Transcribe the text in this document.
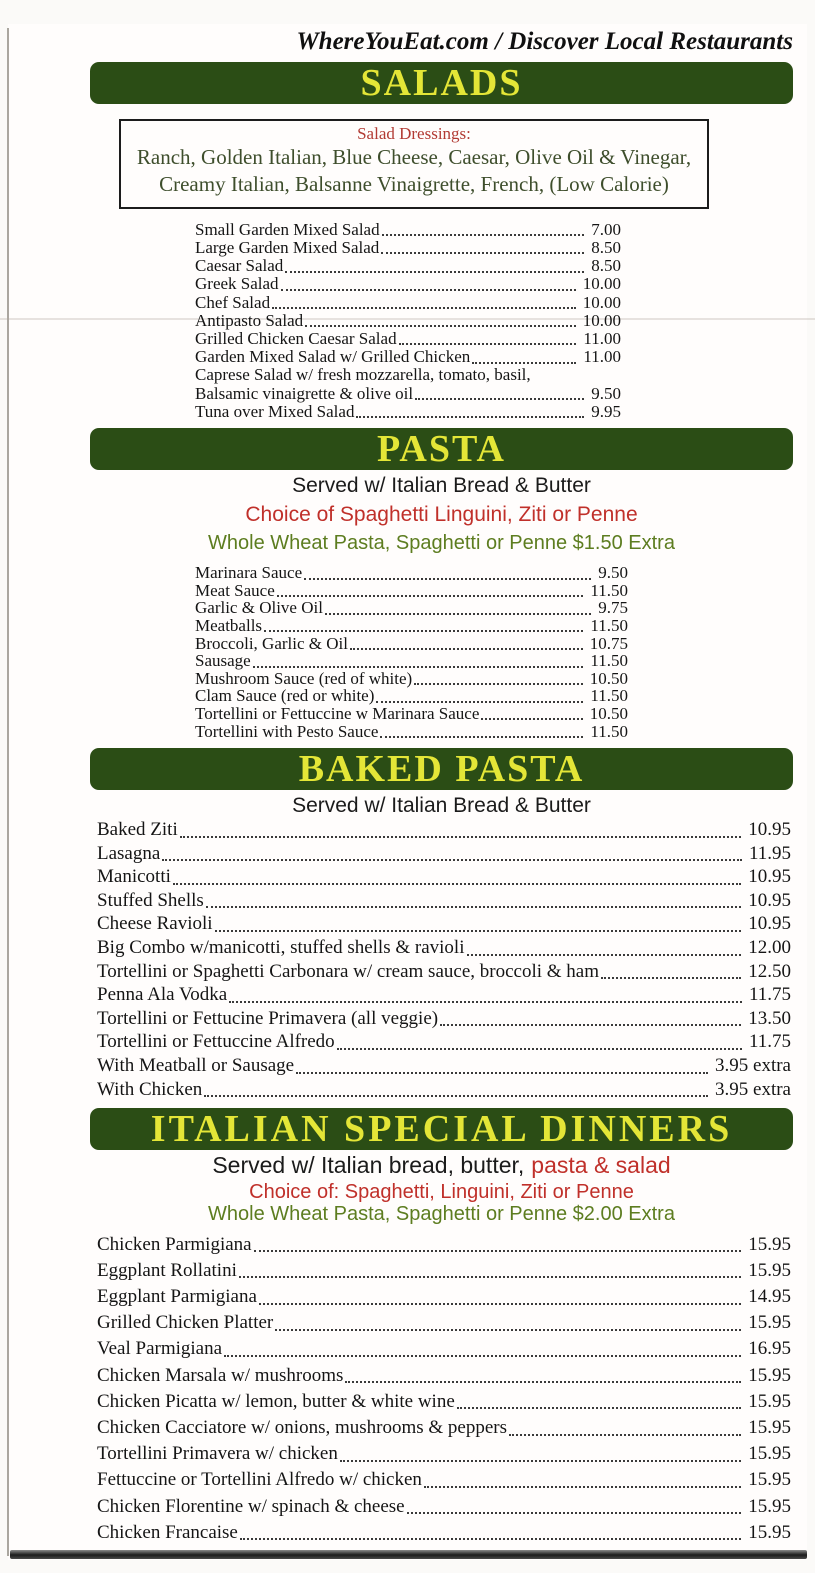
WhereYouEat.com / Discover Local Restaurants
SALADS
Salad Dressings:
Ranch, Golden Italian, Blue Cheese, Caesar, Olive Oil & Vinegar,
Creamy Italian, Balsanne Vinaigrette, French, (Low Calorie)
Small Garden Mixed Salad	7.00
Large Garden Mixed Salad	8.50
Caesar Salad	8.50
Greek Salad	10.00
Chef Salad	10.00
Antipasto Salad	10.00
Grilled Chicken Caesar Salad	11.00
Garden Mixed Salad w/ Grilled Chicken	11.00
Caprese Salad w/ fresh mozzarella, tomato, basil,
Balsamic vinaigrette & olive oil	9.50
Tuna over Mixed Salad	9.95
PASTA
Served w/ Italian Bread & Butter
Choice of Spaghetti Linguini, Ziti or Penne
Whole Wheat Pasta, Spaghetti or Penne $1.50 Extra
Marinara Sauce	9.50
Meat Sauce	11.50
Garlic & Olive Oil	9.75
Meatballs	11.50
Broccoli, Garlic & Oil	10.75
Sausage	11.50
Mushroom Sauce (red of white)	10.50
Clam Sauce (red or white)	11.50
Tortellini or Fettuccine w Marinara Sauce	10.50
Tortellini with Pesto Sauce	11.50
BAKED PASTA
Served w/ Italian Bread & Butter
Baked Ziti	10.95
Lasagna	11.95
Manicotti	10.95
Stuffed Shells	10.95
Cheese Ravioli	10.95
Big Combo w/manicotti, stuffed shells & ravioli	12.00
Tortellini or Spaghetti Carbonara w/ cream sauce, broccoli & ham	12.50
Penna Ala Vodka	11.75
Tortellini or Fettucine Primavera (all veggie)	13.50
Tortellini or Fettuccine Alfredo	11.75
With Meatball or Sausage	3.95 extra
With Chicken	3.95 extra
ITALIAN SPECIAL DINNERS
Served w/ Italian bread, butter, pasta & salad
Choice of: Spaghetti, Linguini, Ziti or Penne
Whole Wheat Pasta, Spaghetti or Penne $2.00 Extra
Chicken Parmigiana	15.95
Eggplant Rollatini	15.95
Eggplant Parmigiana	14.95
Grilled Chicken Platter	15.95
Veal Parmigiana	16.95
Chicken Marsala w/ mushrooms	15.95
Chicken Picatta w/ lemon, butter & white wine	15.95
Chicken Cacciatore w/ onions, mushrooms & peppers	15.95
Tortellini Primavera w/ chicken	15.95
Fettuccine or Tortellini Alfredo w/ chicken	15.95
Chicken Florentine w/ spinach & cheese	15.95
Chicken Francaise	15.95
